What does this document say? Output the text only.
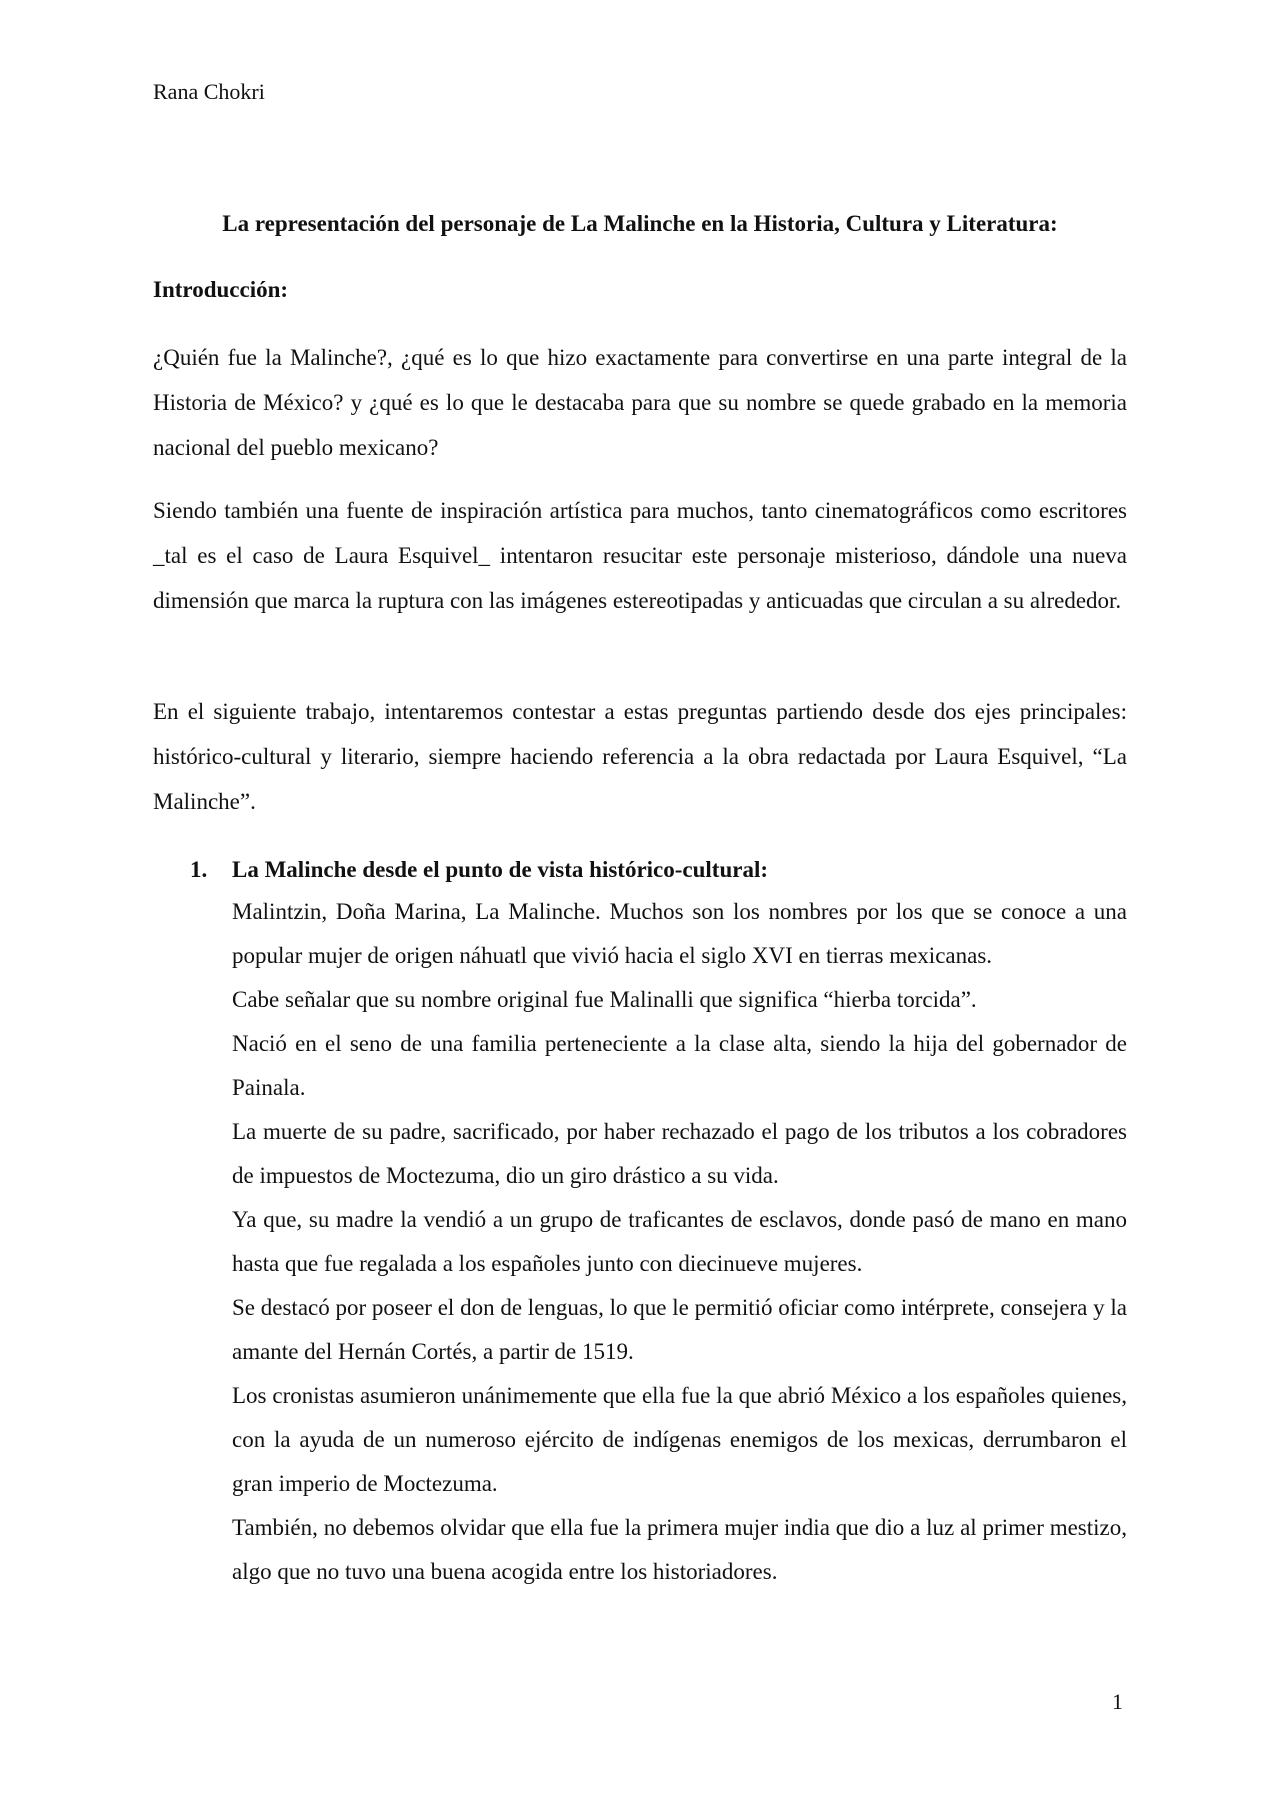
Rana Chokri
La representación del personaje de La Malinche en la Historia, Cultura y Literatura:
Introducción:

¿Quién fue la Malinche?, ¿qué es lo que hizo exactamente para convertirse en una parte integral de la Historia de México? y ¿qué es lo que le destacaba para que su nombre se quede grabado en la memoria nacional del pueblo mexicano?

Siendo también una fuente de inspiración artística para muchos, tanto cinematográficos como escritores _tal es el caso de Laura Esquivel_ intentaron resucitar este personaje misterioso, dándole una nueva dimensión que marca la ruptura con las imágenes estereotipadas y anticuadas que circulan a su alrededor.

En el siguiente trabajo, intentaremos contestar a estas preguntas partiendo desde dos ejes principales: histórico-cultural y literario, siempre haciendo referencia a la obra redactada por Laura Esquivel, “La Malinche”.

1.	La Malinche desde el punto de vista histórico-cultural:

Malintzin, Doña Marina, La Malinche. Muchos son los nombres por los que se conoce a una popular mujer de origen náhuatl que vivió hacia el siglo XVI en tierras mexicanas.

Cabe señalar que su nombre original fue Malinalli que significa “hierba torcida”.

Nació en el seno de una familia perteneciente a la clase alta, siendo la hija del gobernador de Painala.

La muerte de su padre, sacrificado, por haber rechazado el pago de los tributos a los cobradores de impuestos de Moctezuma, dio un giro drástico a su vida.

Ya que, su madre la vendió a un grupo de traficantes de esclavos, donde pasó de mano en mano hasta que fue regalada a los españoles junto con diecinueve mujeres.

Se destacó por poseer el don de lenguas, lo que le permitió oficiar como intérprete, consejera y la amante del Hernán Cortés, a partir de 1519.

Los cronistas asumieron unánimemente que ella fue la que abrió México a los españoles quienes, con la ayuda de un numeroso ejército de indígenas enemigos de los mexicas, derrumbaron el gran imperio de Moctezuma.

También, no debemos olvidar que ella fue la primera mujer india que dio a luz al primer mestizo, algo que no tuvo una buena acogida entre los historiadores.

1
